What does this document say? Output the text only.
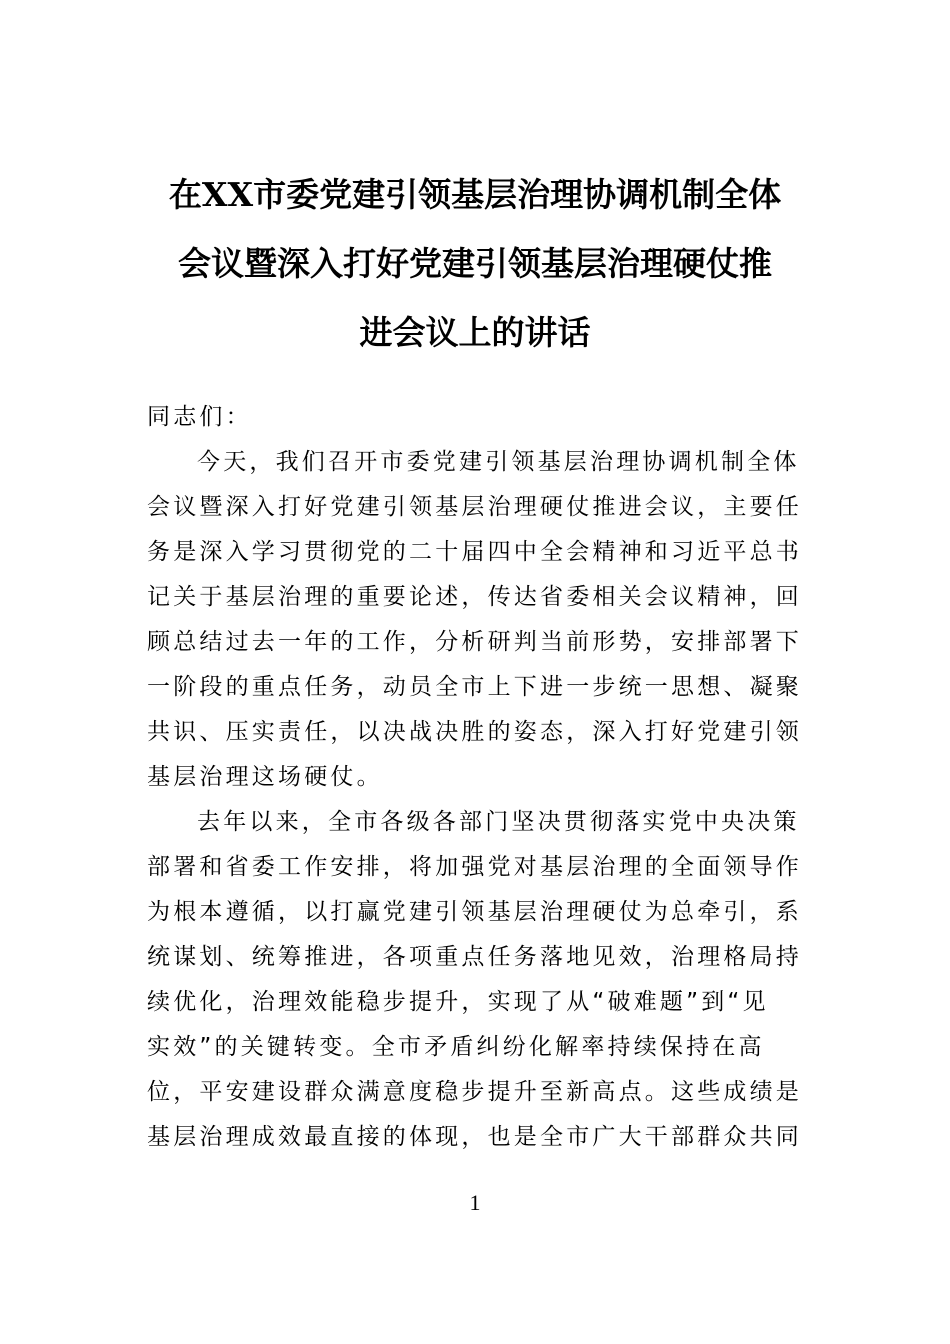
在XX市委党建引领基层治理协调机制全体
会议暨深入打好党建引领基层治理硬仗推
进会议上的讲话
同志们：
今天，我们召开市委党建引领基层治理协调机制全体
会议暨深入打好党建引领基层治理硬仗推进会议，主要任
务是深入学习贯彻党的二十届四中全会精神和习近平总书
记关于基层治理的重要论述，传达省委相关会议精神，回
顾总结过去一年的工作，分析研判当前形势，安排部署下
一阶段的重点任务，动员全市上下进一步统一思想、凝聚
共识、压实责任，以决战决胜的姿态，深入打好党建引领
基层治理这场硬仗。
去年以来，全市各级各部门坚决贯彻落实党中央决策
部署和省委工作安排，将加强党对基层治理的全面领导作
为根本遵循，以打赢党建引领基层治理硬仗为总牵引，系
统谋划、统筹推进，各项重点任务落地见效，治理格局持
续优化，治理效能稳步提升，实现了从“破难题”到“见
实效”的关键转变。全市矛盾纠纷化解率持续保持在高
位，平安建设群众满意度稳步提升至新高点。这些成绩是
基层治理成效最直接的体现，也是全市广大干部群众共同
1
